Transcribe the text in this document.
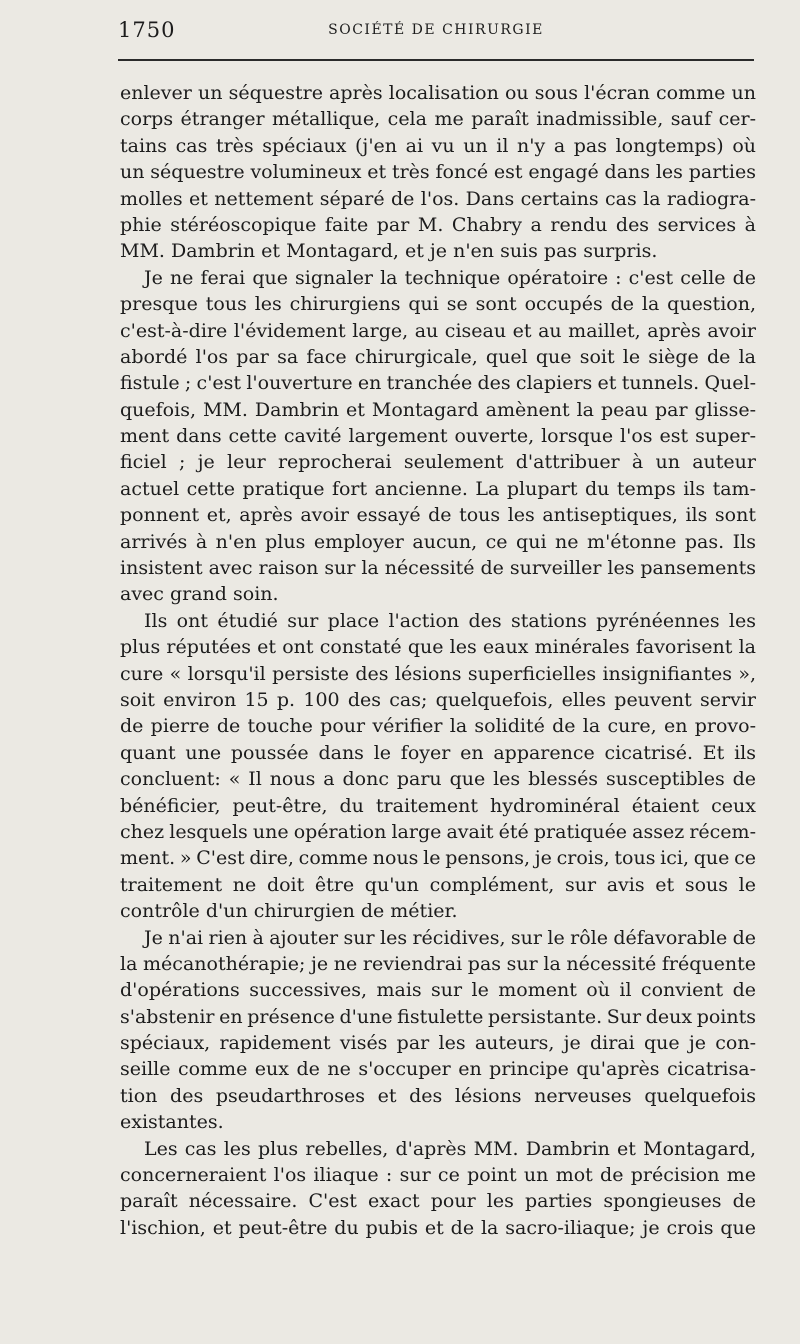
1750	SOCIÉTÉ DE CHIRURGIE
enlever un séquestre après localisation ou sous l'écran comme un
corps étranger métallique, cela me paraît inadmissible, sauf cer-
tains cas très spéciaux (j'en ai vu un il n'y a pas longtemps) où
un séquestre volumineux et très foncé est engagé dans les parties
molles et nettement séparé de l'os. Dans certains cas la radiogra-
phie stéréoscopique faite par M. Chabry a rendu des services à
MM. Dambrin et Montagard, et je n'en suis pas surpris.
Je ne ferai que signaler la technique opératoire : c'est celle de
presque tous les chirurgiens qui se sont occupés de la question,
c'est-à-dire l'évidement large, au ciseau et au maillet, après avoir
abordé l'os par sa face chirurgicale, quel que soit le siège de la
fistule ; c'est l'ouverture en tranchée des clapiers et tunnels. Quel-
quefois, MM. Dambrin et Montagard amènent la peau par glisse-
ment dans cette cavité largement ouverte, lorsque l'os est super-
ficiel ; je leur reprocherai seulement d'attribuer à un auteur
actuel cette pratique fort ancienne. La plupart du temps ils tam-
ponnent et, après avoir essayé de tous les antiseptiques, ils sont
arrivés à n'en plus employer aucun, ce qui ne m'étonne pas. Ils
insistent avec raison sur la nécessité de surveiller les pansements
avec grand soin.
Ils ont étudié sur place l'action des stations pyrénéennes les
plus réputées et ont constaté que les eaux minérales favorisent la
cure « lorsqu'il persiste des lésions superficielles insignifiantes »,
soit environ 15 p. 100 des cas; quelquefois, elles peuvent servir
de pierre de touche pour vérifier la solidité de la cure, en provo-
quant une poussée dans le foyer en apparence cicatrisé. Et ils
concluent: « Il nous a donc paru que les blessés susceptibles de
bénéficier, peut-être, du traitement hydrominéral étaient ceux
chez lesquels une opération large avait été pratiquée assez récem-
ment. » C'est dire, comme nous le pensons, je crois, tous ici, que ce
traitement ne doit être qu'un complément, sur avis et sous le
contrôle d'un chirurgien de métier.
Je n'ai rien à ajouter sur les récidives, sur le rôle défavorable de
la mécanothérapie; je ne reviendrai pas sur la nécessité fréquente
d'opérations successives, mais sur le moment où il convient de
s'abstenir en présence d'une fistulette persistante. Sur deux points
spéciaux, rapidement visés par les auteurs, je dirai que je con-
seille comme eux de ne s'occuper en principe qu'après cicatrisa-
tion des pseudarthroses et des lésions nerveuses quelquefois
existantes.
Les cas les plus rebelles, d'après MM. Dambrin et Montagard,
concerneraient l'os iliaque : sur ce point un mot de précision me
paraît nécessaire. C'est exact pour les parties spongieuses de
l'ischion, et peut-être du pubis et de la sacro-iliaque; je crois que
